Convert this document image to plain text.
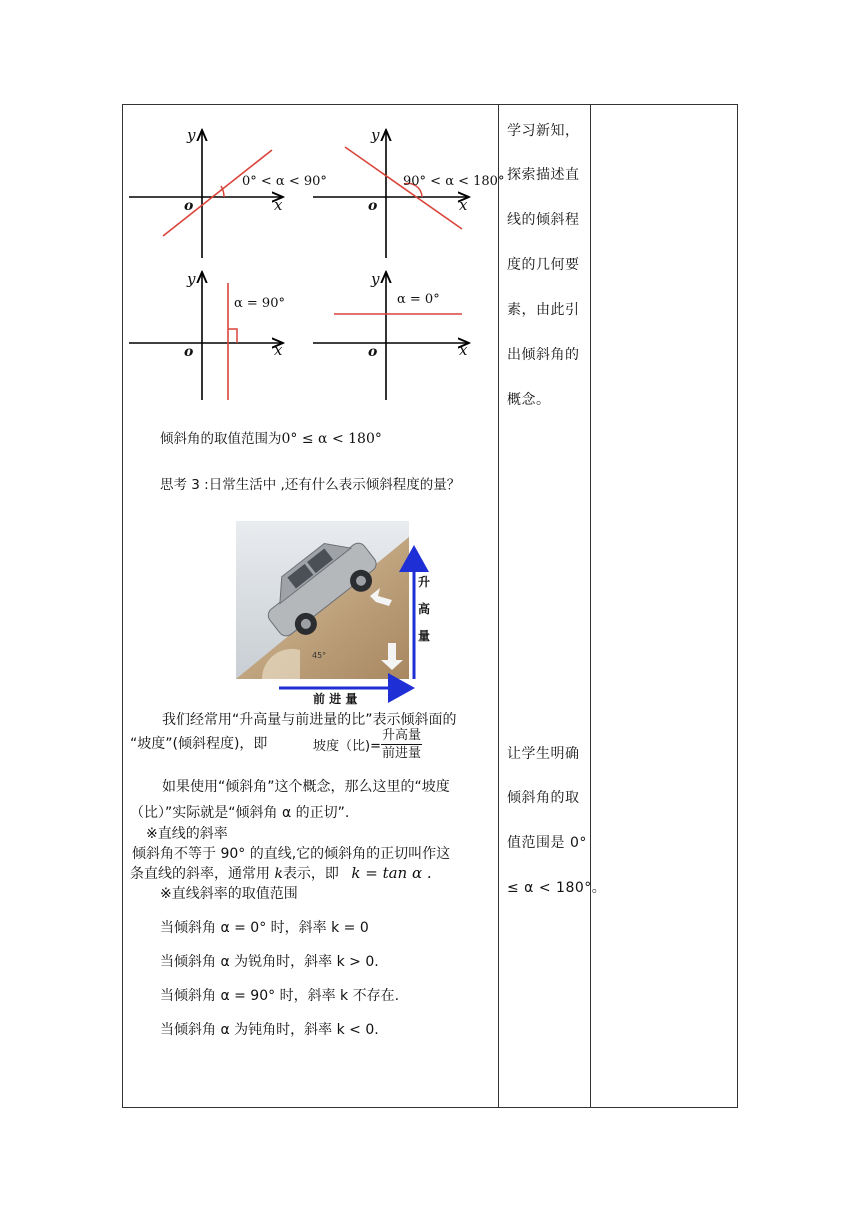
y
x
o
0° < α < 90°
y
x
o
90° < α < 180°
y
x
o
α = 90°
y
x
o
α = 0°
倾斜角的取值范围为0° ≤ α < 180°
思考 3 :日常生活中 ,还有什么表示倾斜程度的量？
45°
升
高
量
前 进 量
我们经常用“升高量与前进量的比”表示倾斜面的
“坡度”(倾斜程度)，即	坡度（比)= $\frac{\text{升高量}}{\text{前进量}}$
如果使用“倾斜角”这个概念，那么这里的“坡度
（比）”实际就是“倾斜角 α 的正切”.
※直线的斜率
倾斜角不等于 90° 的直线,它的倾斜角的正切叫作这
条直线的斜率，通常用 k表示，即 k = tan α .
※直线斜率的取值范围
当倾斜角 α = 0° 时，斜率 k = 0
当倾斜角 α 为锐角时，斜率 k > 0.
当倾斜角 α = 90° 时，斜率 k 不存在.
当倾斜角 α 为钝角时，斜率 k < 0.
学习新知，
探索描述直
线的倾斜程
度的几何要
素，由此引
出倾斜角的
概念。
让学生明确
倾斜角的取
值范围是 0°
≤ α < 180°。
